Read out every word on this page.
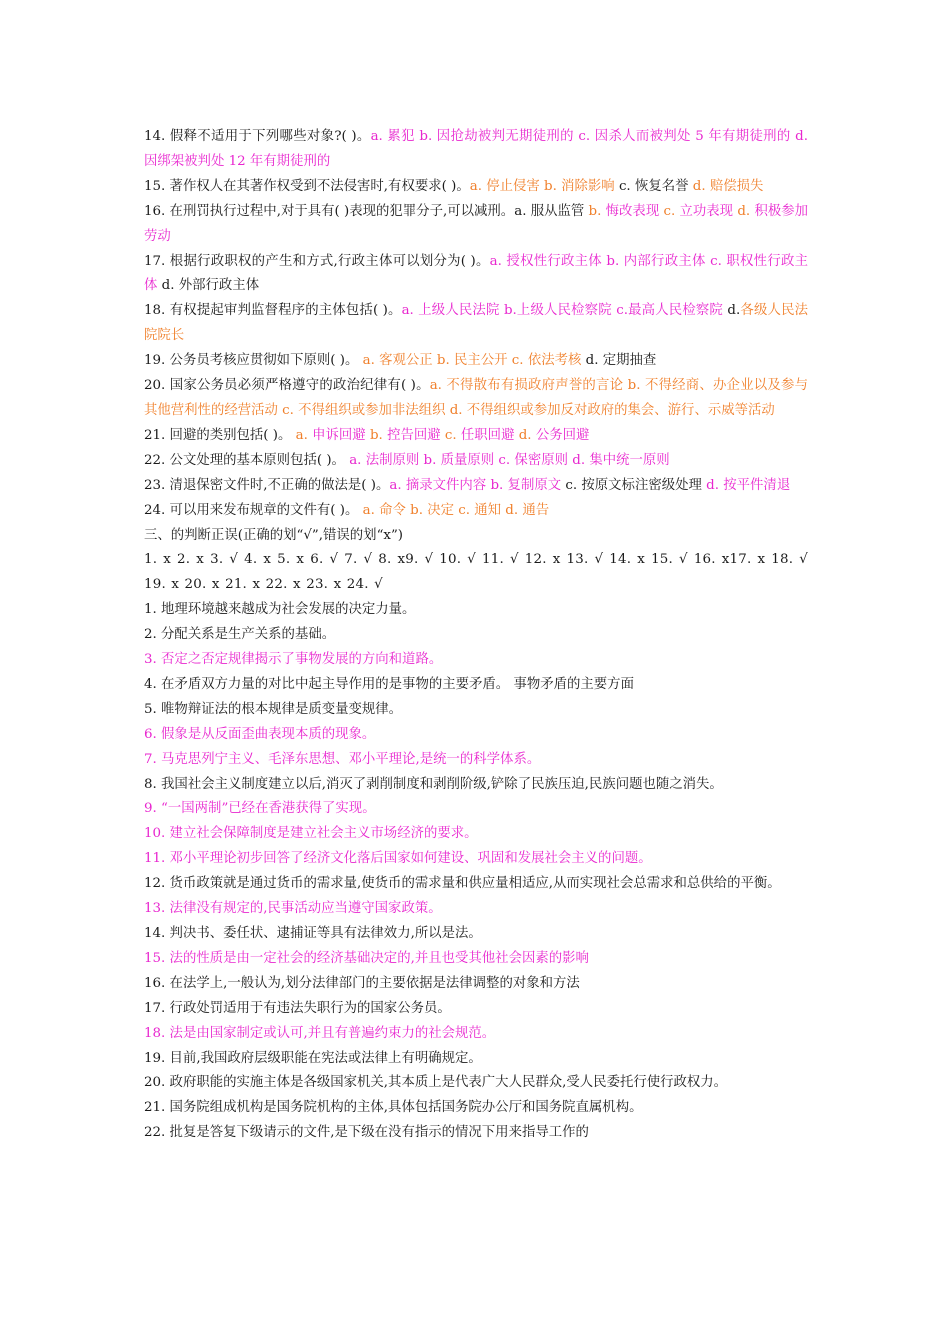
14. 假释不适用于下列哪些对象?( )。a. 累犯 b. 因抢劫被判无期徒刑的 c. 因杀人而被判处 5 年有期徒刑的 d. 因绑架被判处 12 年有期徒刑的

15. 著作权人在其著作权受到不法侵害时,有权要求( )。a. 停止侵害 b. 消除影响 c. 恢复名誉 d. 赔偿损失

16. 在刑罚执行过程中,对于具有( )表现的犯罪分子,可以减刑。a. 服从监管 b. 悔改表现 c. 立功表现 d. 积极参加劳动

17. 根据行政职权的产生和方式,行政主体可以划分为( )。a. 授权性行政主体 b. 内部行政主体 c. 职权性行政主体 d. 外部行政主体

18. 有权提起审判监督程序的主体包括( )。a. 上级人民法院 b.上级人民检察院 c.最高人民检察院 d.各级人民法院院长

19. 公务员考核应贯彻如下原则( )。 a. 客观公正 b. 民主公开 c. 依法考核 d. 定期抽查

20. 国家公务员必须严格遵守的政治纪律有( )。a. 不得散布有损政府声誉的言论 b. 不得经商、办企业以及参与其他营利性的经营活动 c. 不得组织或参加非法组织 d. 不得组织或参加反对政府的集会、游行、示威等活动

21. 回避的类别包括( )。 a. 申诉回避 b. 控告回避 c. 任职回避 d. 公务回避

22. 公文处理的基本原则包括( )。 a. 法制原则 b. 质量原则 c. 保密原则 d. 集中统一原则

23. 清退保密文件时,不正确的做法是( )。a. 摘录文件内容 b. 复制原文 c. 按原文标注密级处理 d. 按平件清退

24. 可以用来发布规章的文件有( )。 a. 命令 b. 决定 c. 通知 d. 通告

三、的判断正误(正确的划“√”,错误的划“x”)

1. x 2. x 3. √ 4. x 5. x 6. √ 7. √ 8. x9. √ 10. √ 11. √ 12. x 13. √ 14. x 15. √ 16. x17. x 18. √ 19. x 20. x 21. x 22. x 23. x 24. √

1. 地理环境越来越成为社会发展的决定力量。

2. 分配关系是生产关系的基础。

3. 否定之否定规律揭示了事物发展的方向和道路。

4. 在矛盾双方力量的对比中起主导作用的是事物的主要矛盾。 事物矛盾的主要方面

5. 唯物辩证法的根本规律是质变量变规律。

6. 假象是从反面歪曲表现本质的现象。

7. 马克思列宁主义、毛泽东思想、邓小平理论,是统一的科学体系。

8. 我国社会主义制度建立以后,消灭了剥削制度和剥削阶级,铲除了民族压迫,民族问题也随之消失。

9. “一国两制”已经在香港获得了实现。

10. 建立社会保障制度是建立社会主义市场经济的要求。

11. 邓小平理论初步回答了经济文化落后国家如何建设、巩固和发展社会主义的问题。

12. 货币政策就是通过货币的需求量,使货币的需求量和供应量相适应,从而实现社会总需求和总供给的平衡。

13. 法律没有规定的,民事活动应当遵守国家政策。

14. 判决书、委任状、逮捕证等具有法律效力,所以是法。

15. 法的性质是由一定社会的经济基础决定的,并且也受其他社会因素的影响

16. 在法学上,一般认为,划分法律部门的主要依据是法律调整的对象和方法

17. 行政处罚适用于有违法失职行为的国家公务员。

18. 法是由国家制定或认可,并且有普遍约束力的社会规范。

19. 目前,我国政府层级职能在宪法或法律上有明确规定。

20. 政府职能的实施主体是各级国家机关,其本质上是代表广大人民群众,受人民委托行使行政权力。

21. 国务院组成机构是国务院机构的主体,具体包括国务院办公厅和国务院直属机构。

22. 批复是答复下级请示的文件,是下级在没有指示的情况下用来指导工作的
